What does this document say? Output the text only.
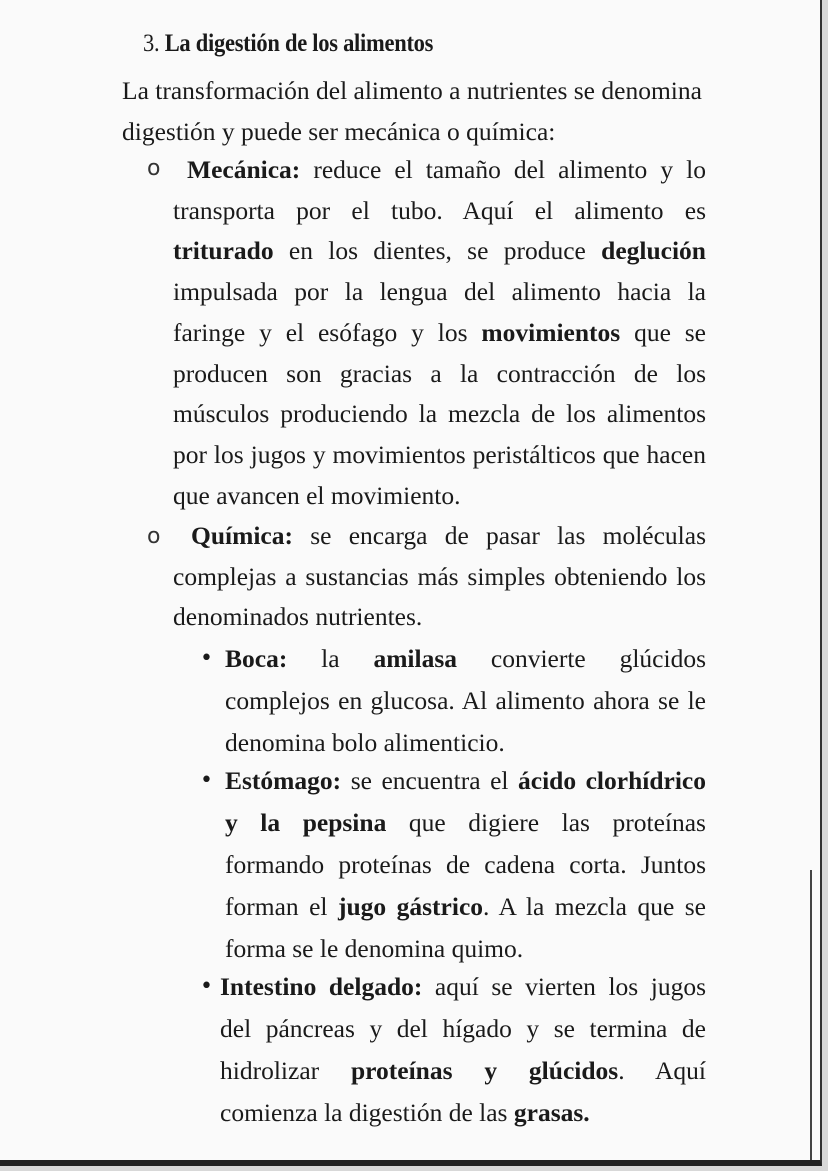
3. La digestión de los alimentos
La transformación del alimento a nutrientes se denomina digestión y puede ser mecánica o química:
o	Mecánica: reduce el tamaño del alimento y lo transporta por el tubo. Aquí el alimento es triturado en los dientes, se produce deglución impulsada por la lengua del alimento hacia la faringe y el esófago y los movimientos que se producen son gracias a la contracción de los músculos produciendo la mezcla de los alimentos por los jugos y movimientos peristálticos que hacen que avancen el movimiento.
o	Química: se encarga de pasar las moléculas complejas a sustancias más simples obteniendo los denominados nutrientes.
• Boca: la amilasa convierte glúcidos complejos en glucosa. Al alimento ahora se le denomina bolo alimenticio.
• Estómago: se encuentra el ácido clorhídrico y la pepsina que digiere las proteínas formando proteínas de cadena corta. Juntos forman el jugo gástrico. A la mezcla que se forma se le denomina quimo.
• Intestino delgado: aquí se vierten los jugos del páncreas y del hígado y se termina de hidrolizar proteínas y glúcidos. Aquí comienza la digestión de las grasas.
